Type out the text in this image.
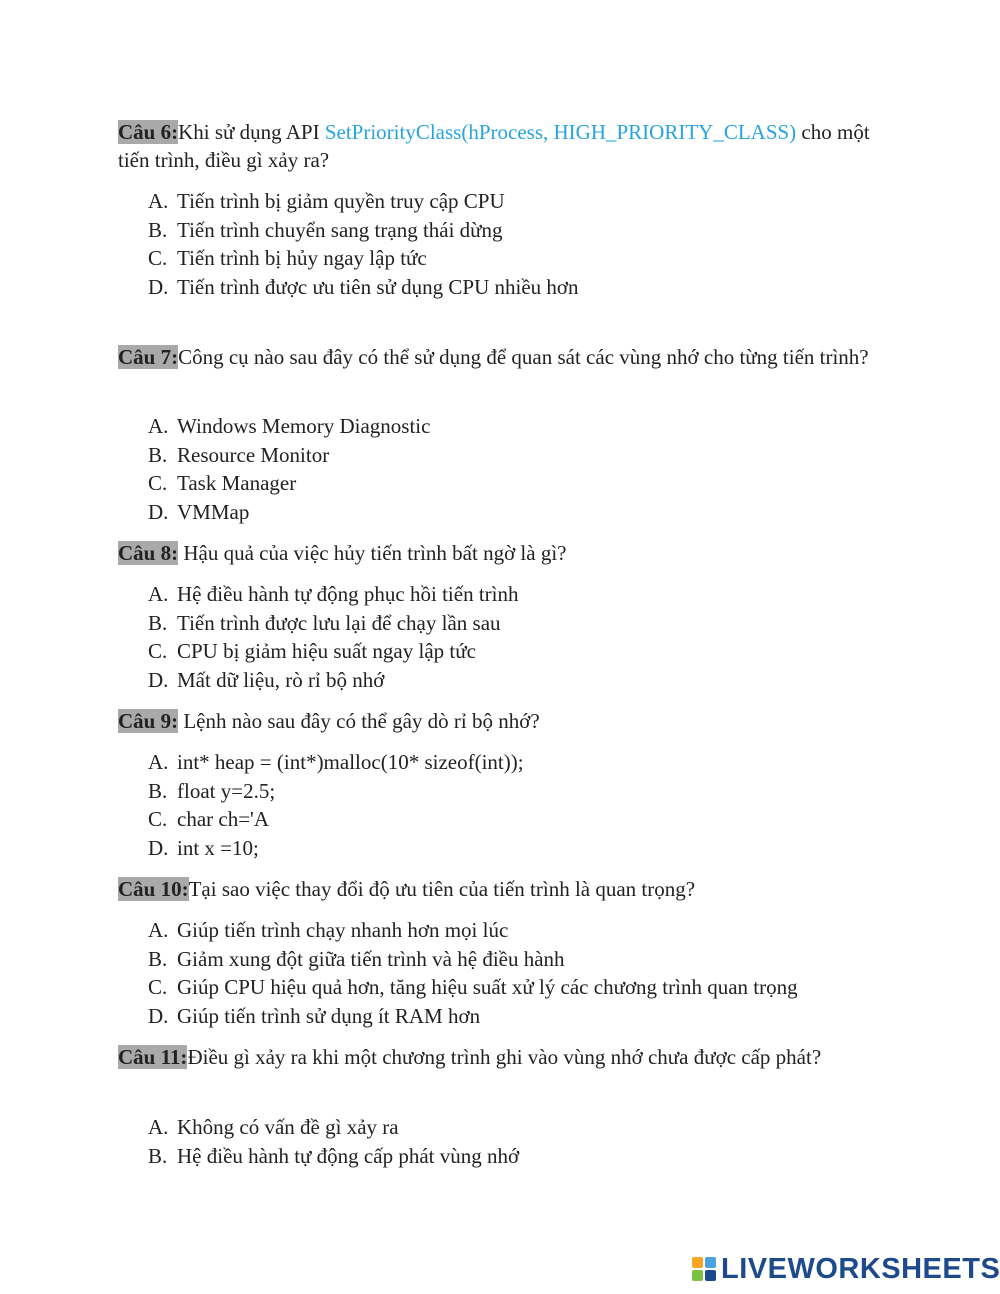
Câu 6:Khi sử dụng API SetPriorityClass(hProcess, HIGH_PRIORITY_CLASS) cho một tiến trình, điều gì xảy ra?
A. Tiến trình bị giảm quyền truy cập CPU
B. Tiến trình chuyển sang trạng thái dừng
C. Tiến trình bị hủy ngay lập tức
D. Tiến trình được ưu tiên sử dụng CPU nhiều hơn
Câu 7:Công cụ nào sau đây có thể sử dụng để quan sát các vùng nhớ cho từng tiến trình?
A. Windows Memory Diagnostic
B. Resource Monitor
C. Task Manager
D. VMMap
Câu 8: Hậu quả của việc hủy tiến trình bất ngờ là gì?
A. Hệ điều hành tự động phục hồi tiến trình
B. Tiến trình được lưu lại để chạy lần sau
C. CPU bị giảm hiệu suất ngay lập tức
D. Mất dữ liệu, rò rỉ bộ nhớ
Câu 9: Lệnh nào sau đây có thể gây dò rỉ bộ nhớ?
A. int* heap = (int*)malloc(10* sizeof(int));
B. float y=2.5;
C. char ch='A
D. int x =10;
Câu 10:Tại sao việc thay đổi độ ưu tiên của tiến trình là quan trọng?
A. Giúp tiến trình chạy nhanh hơn mọi lúc
B. Giảm xung đột giữa tiến trình và hệ điều hành
C. Giúp CPU hiệu quả hơn, tăng hiệu suất xử lý các chương trình quan trọng
D. Giúp tiến trình sử dụng ít RAM hơn
Câu 11:Điều gì xảy ra khi một chương trình ghi vào vùng nhớ chưa được cấp phát?
A. Không có vấn đề gì xảy ra
B. Hệ điều hành tự động cấp phát vùng nhớ
LIVEWORKSHEETS
